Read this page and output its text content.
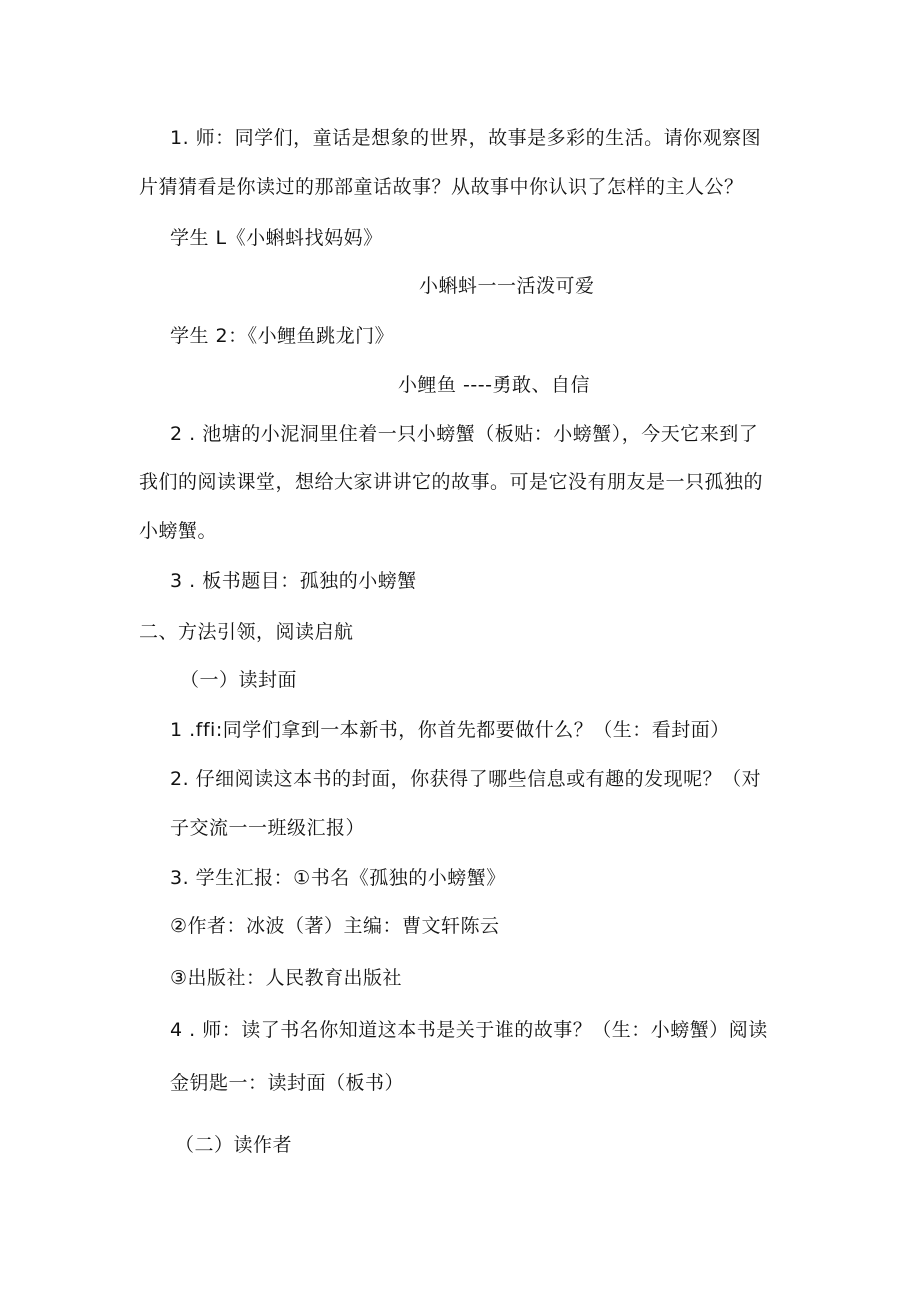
1. 师：同学们，童话是想象的世界，故事是多彩的生活。请你观察图
片猜猜看是你读过的那部童话故事？从故事中你认识了怎样的主人公？
学生 L《小蝌蚪找妈妈》
小蝌蚪一一活泼可爱
学生 2：《小鲤鱼跳龙门》
小鲤鱼 ----勇敢、自信
2 . 池塘的小泥洞里住着一只小螃蟹（板贴：小螃蟹），今天它来到了
我们的阅读课堂，想给大家讲讲它的故事。可是它没有朋友是一只孤独的
小螃蟹。
3 . 板书题目：孤独的小螃蟹
二、方法引领，阅读启航
（一）读封面
1 .ffi:同学们拿到一本新书，你首先都要做什么？（生：看封面）
2. 仔细阅读这本书的封面，你获得了哪些信息或有趣的发现呢？（对
子交流一一班级汇报）
3. 学生汇报：①书名《孤独的小螃蟹》
②作者：冰波（著）主编：曹文轩陈云
③出版社：人民教育出版社
4 . 师：读了书名你知道这本书是关于谁的故事？（生：小螃蟹）阅读
金钥匙一：读封面（板书）
（二）读作者
